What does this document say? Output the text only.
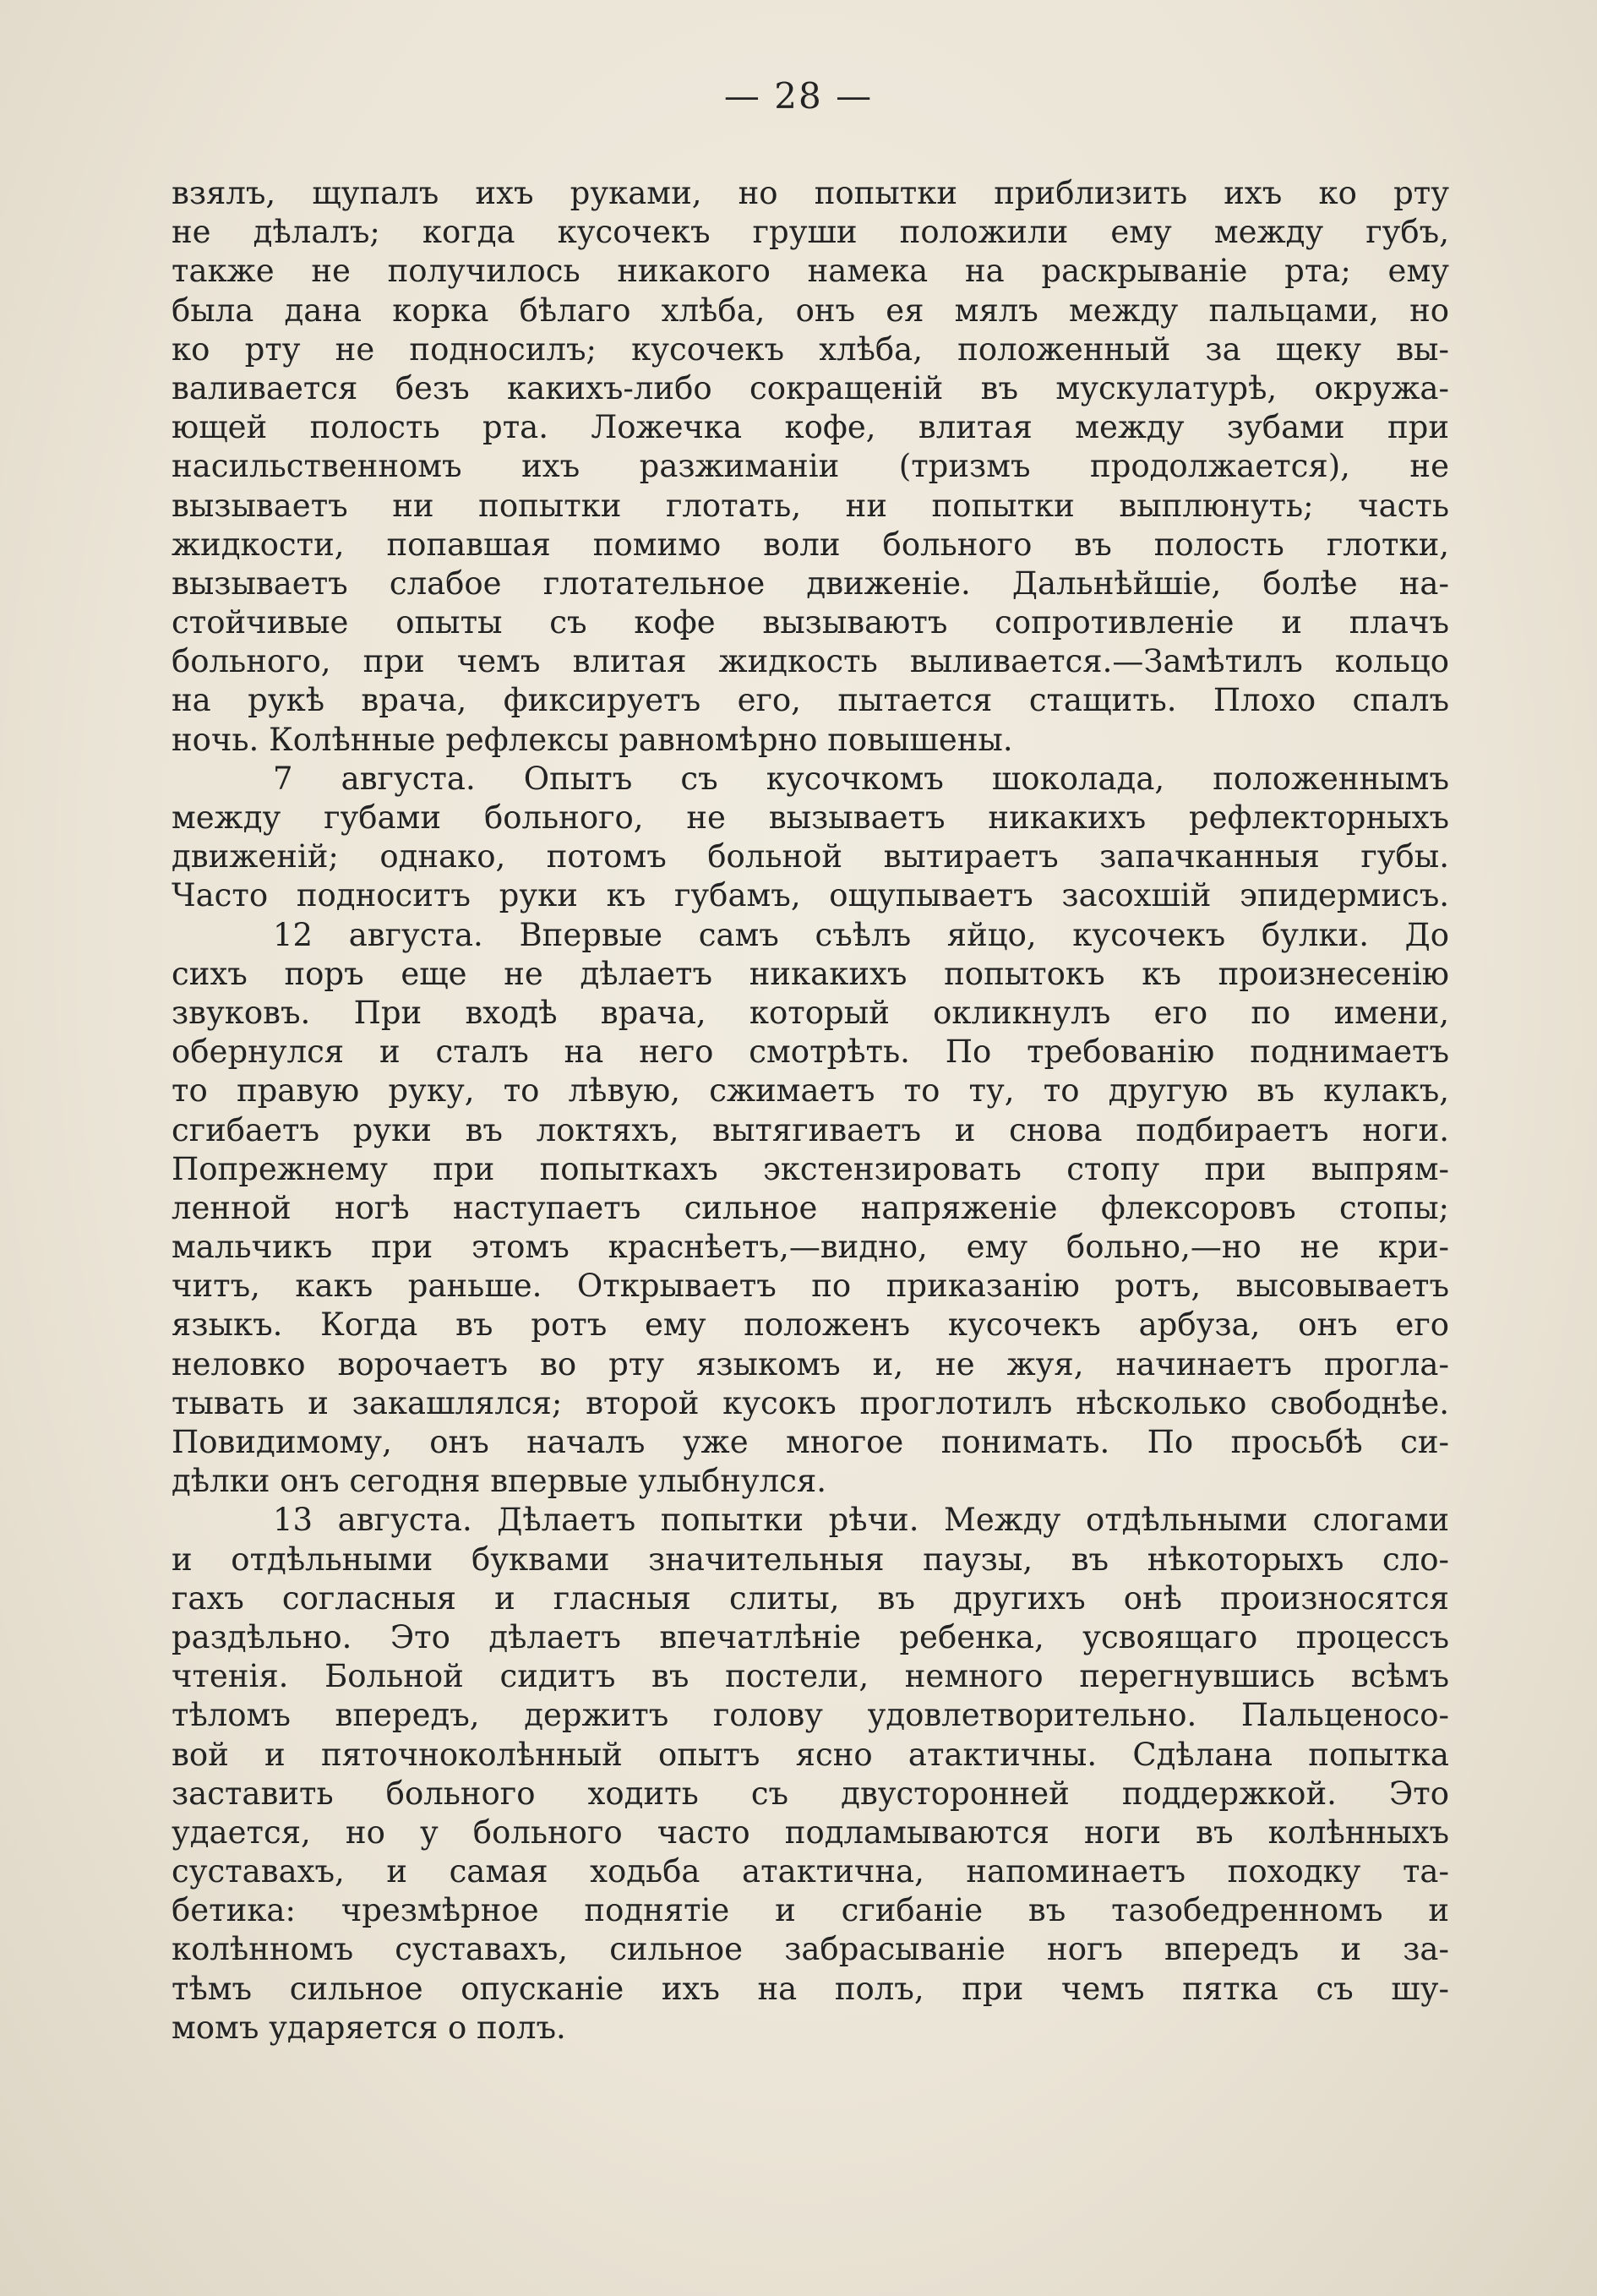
— 28 —
взялъ, щупалъ ихъ руками, но попытки приблизить ихъ ко рту
не дѣлалъ; когда кусочекъ груши положили ему между губъ,
также не получилось никакого намека на раскрываніе рта; ему
была дана корка бѣлаго хлѣба, онъ ея мялъ между пальцами, но
ко рту не подносилъ; кусочекъ хлѣба, положенный за щеку вы-
валивается безъ какихъ-либо сокращеній въ мускулатурѣ, окружа-
ющей полость рта. Ложечка кофе, влитая между зубами при
насильственномъ ихъ разжиманіи (тризмъ продолжается), не
вызываетъ ни попытки глотать, ни попытки выплюнуть; часть
жидкости, попавшая помимо воли больного въ полость глотки,
вызываетъ слабое глотательное движеніе. Дальнѣйшіе, болѣе на-
стойчивые опыты съ кофе вызываютъ сопротивленіе и плачъ
больного, при чемъ влитая жидкость выливается.—Замѣтилъ кольцо
на рукѣ врача, фиксируетъ его, пытается стащить. Плохо спалъ
ночь. Колѣнные рефлексы равномѣрно повышены.
7 августа. Опытъ съ кусочкомъ шоколада, положеннымъ
между губами больного, не вызываетъ никакихъ рефлекторныхъ
движеній; однако, потомъ больной вытираетъ запачканныя губы.
Часто подноситъ руки къ губамъ, ощупываетъ засохшій эпидермисъ.
12 августа. Впервые самъ съѣлъ яйцо, кусочекъ булки. До
сихъ поръ еще не дѣлаетъ никакихъ попытокъ къ произнесенію
звуковъ. При входѣ врача, который окликнулъ его по имени,
обернулся и сталъ на него смотрѣть. По требованію поднимаетъ
то правую руку, то лѣвую, сжимаетъ то ту, то другую въ кулакъ,
сгибаетъ руки въ локтяхъ, вытягиваетъ и снова подбираетъ ноги.
Попрежнему при попыткахъ экстензировать стопу при выпрям-
ленной ногѣ наступаетъ сильное напряженіе флексоровъ стопы;
мальчикъ при этомъ краснѣетъ,—видно, ему больно,—но не кри-
читъ, какъ раньше. Открываетъ по приказанію ротъ, высовываетъ
языкъ. Когда въ ротъ ему положенъ кусочекъ арбуза, онъ его
неловко ворочаетъ во рту языкомъ и, не жуя, начинаетъ прогла-
тывать и закашлялся; второй кусокъ проглотилъ нѣсколько свободнѣе.
Повидимому, онъ началъ уже многое понимать. По просьбѣ си-
дѣлки онъ сегодня впервые улыбнулся.
13 августа. Дѣлаетъ попытки рѣчи. Между отдѣльными слогами
и отдѣльными буквами значительныя паузы, въ нѣкоторыхъ сло-
гахъ согласныя и гласныя слиты, въ другихъ онѣ произносятся
раздѣльно. Это дѣлаетъ впечатлѣніе ребенка, усвоящаго процессъ
чтенія. Больной сидитъ въ постели, немного перегнувшись всѣмъ
тѣломъ впередъ, держитъ голову удовлетворительно. Пальценосо-
вой и пяточноколѣнный опытъ ясно атактичны. Сдѣлана попытка
заставить больного ходить съ двусторонней поддержкой. Это
удается, но у больного часто подламываются ноги въ колѣнныхъ
суставахъ, и самая ходьба атактична, напоминаетъ походку та-
бетика: чрезмѣрное поднятіе и сгибаніе въ тазобедренномъ и
колѣнномъ суставахъ, сильное забрасываніе ногъ впередъ и за-
тѣмъ сильное опусканіе ихъ на полъ, при чемъ пятка съ шу-
момъ ударяется о полъ.
